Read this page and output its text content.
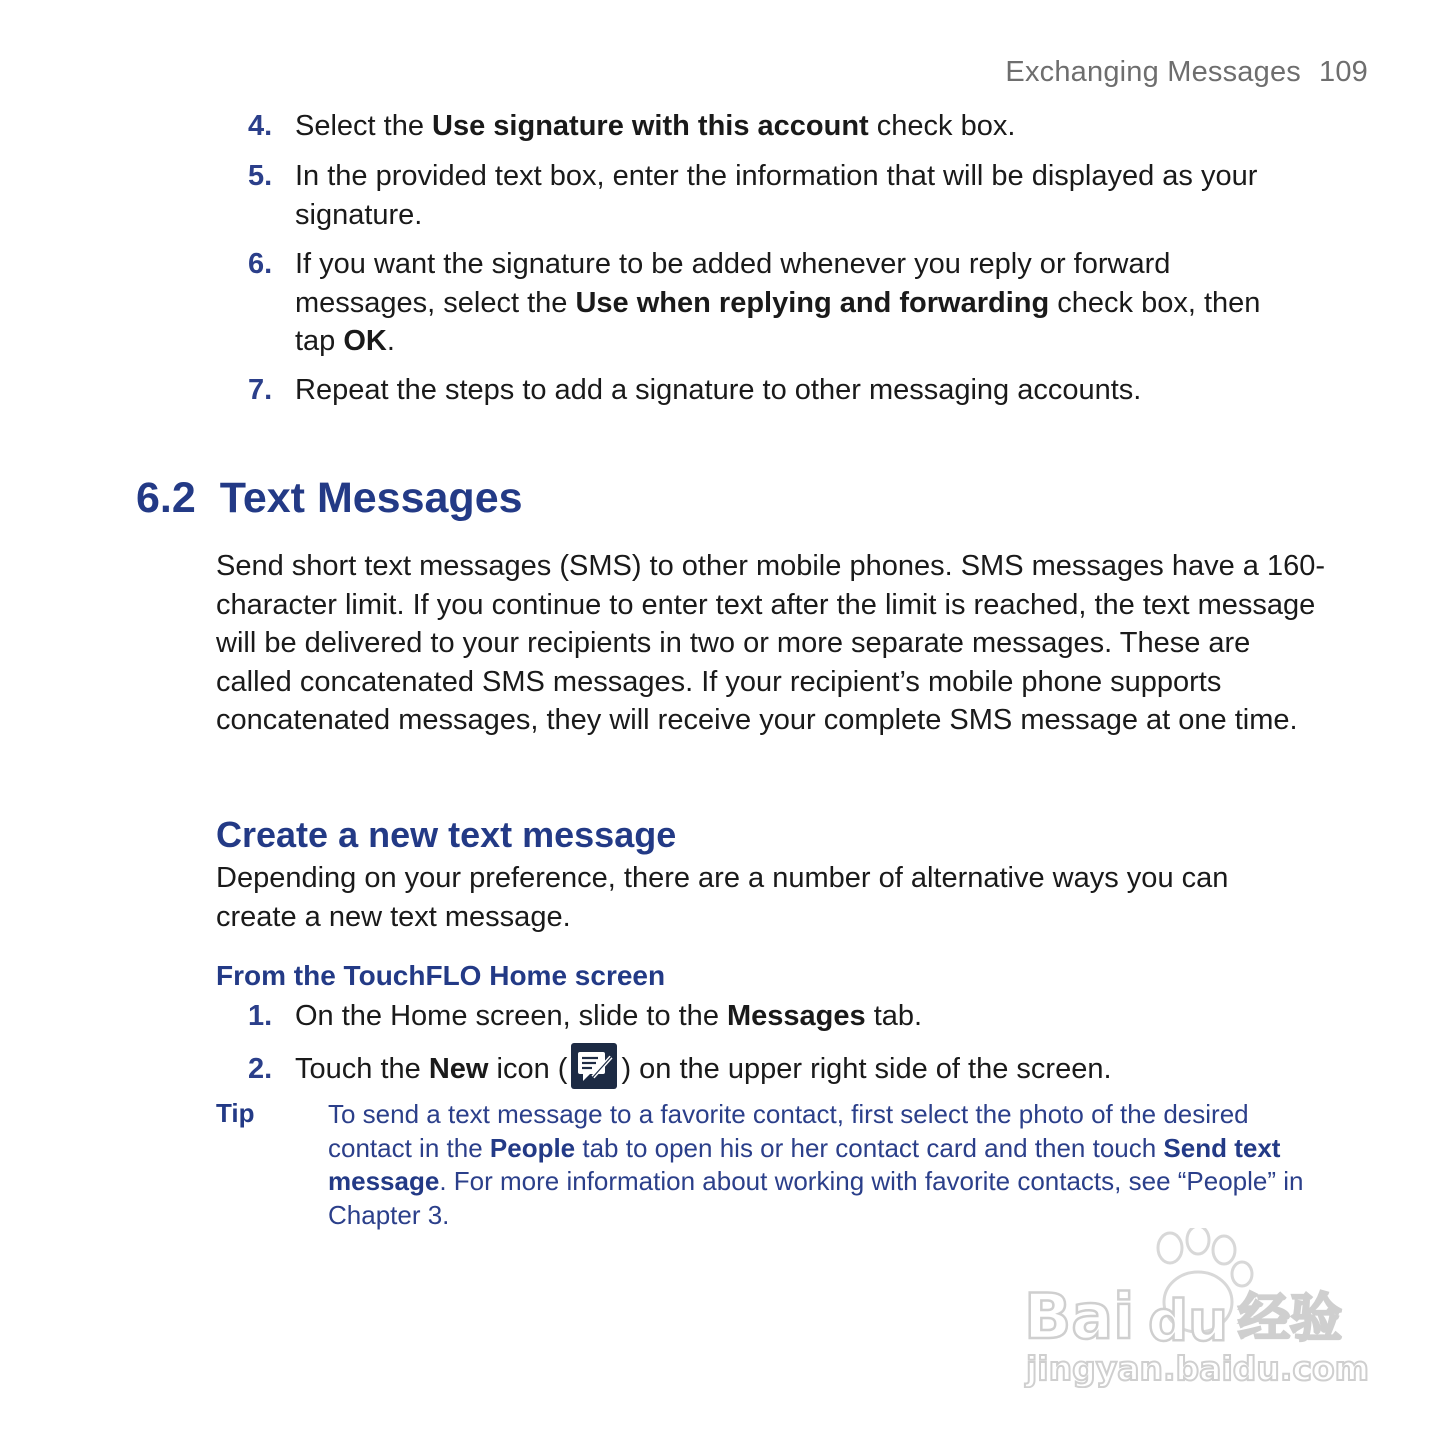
Exchanging Messages 109
4. Select the Use signature with this account check box.
5. In the provided text box, enter the information that will be displayed as your signature.
6. If you want the signature to be added whenever you reply or forward messages, select the Use when replying and forwarding check box, then tap OK.
7. Repeat the steps to add a signature to other messaging accounts.
6.2 Text Messages
Send short text messages (SMS) to other mobile phones. SMS messages have a 160-character limit. If you continue to enter text after the limit is reached, the text message will be delivered to your recipients in two or more separate messages. These are called concatenated SMS messages. If your recipient’s mobile phone supports concatenated messages, they will receive your complete SMS message at one time.
Create a new text message
Depending on your preference, there are a number of alternative ways you can create a new text message.
From the TouchFLO Home screen
1. On the Home screen, slide to the Messages tab.
2. Touch the New icon ( ) on the upper right side of the screen.
Tip	To send a text message to a favorite contact, first select the photo of the desired contact in the People tab to open his or her contact card and then touch Send text message. For more information about working with favorite contacts, see “People” in Chapter 3.
Bai du 经验
jingyan.baidu.com
